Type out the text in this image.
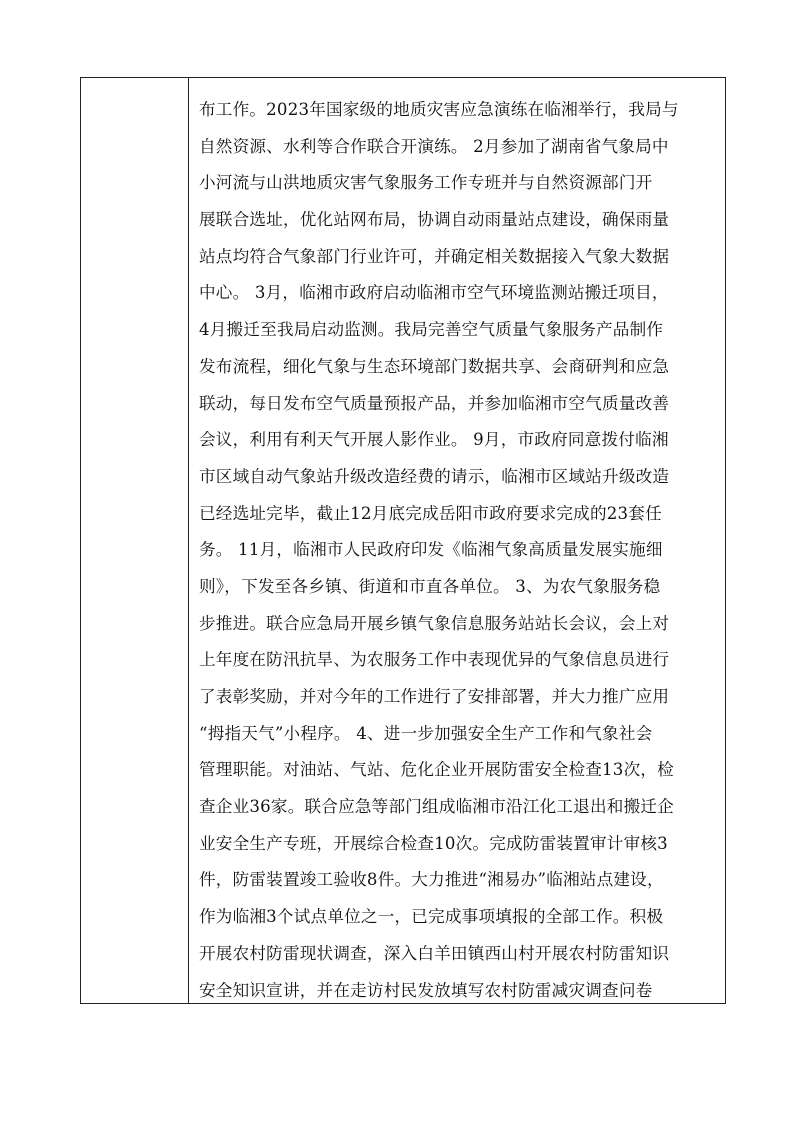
布工作。2023年国家级的地质灾害应急演练在临湘举行，我局与
自然资源、水利等合作联合开演练。 2月参加了湖南省气象局中
小河流与山洪地质灾害气象服务工作专班并与自然资源部门开
展联合选址，优化站网布局，协调自动雨量站点建设，确保雨量
站点均符合气象部门行业许可，并确定相关数据接入气象大数据
中心。 3月，临湘市政府启动临湘市空气环境监测站搬迁项目，
4月搬迁至我局启动监测。我局完善空气质量气象服务产品制作
发布流程，细化气象与生态环境部门数据共享、会商研判和应急
联动，每日发布空气质量预报产品，并参加临湘市空气质量改善
会议，利用有利天气开展人影作业。 9月，市政府同意拨付临湘
市区域自动气象站升级改造经费的请示，临湘市区域站升级改造
已经选址完毕，截止12月底完成岳阳市政府要求完成的23套任
务。 11月，临湘市人民政府印发《临湘气象高质量发展实施细
则》，下发至各乡镇、街道和市直各单位。 3、为农气象服务稳
步推进。联合应急局开展乡镇气象信息服务站站长会议，会上对
上年度在防汛抗旱、为农服务工作中表现优异的气象信息员进行
了表彰奖励，并对今年的工作进行了安排部署，并大力推广应用
“拇指天气”小程序。 4、进一步加强安全生产工作和气象社会
管理职能。对油站、气站、危化企业开展防雷安全检查13次，检
查企业36家。联合应急等部门组成临湘市沿江化工退出和搬迁企
业安全生产专班，开展综合检查10次。完成防雷装置审计审核3
件，防雷装置竣工验收8件。大力推进“湘易办”临湘站点建设，
作为临湘3个试点单位之一，已完成事项填报的全部工作。积极
开展农村防雷现状调查，深入白羊田镇西山村开展农村防雷知识
安全知识宣讲，并在走访村民发放填写农村防雷减灾调查问卷
